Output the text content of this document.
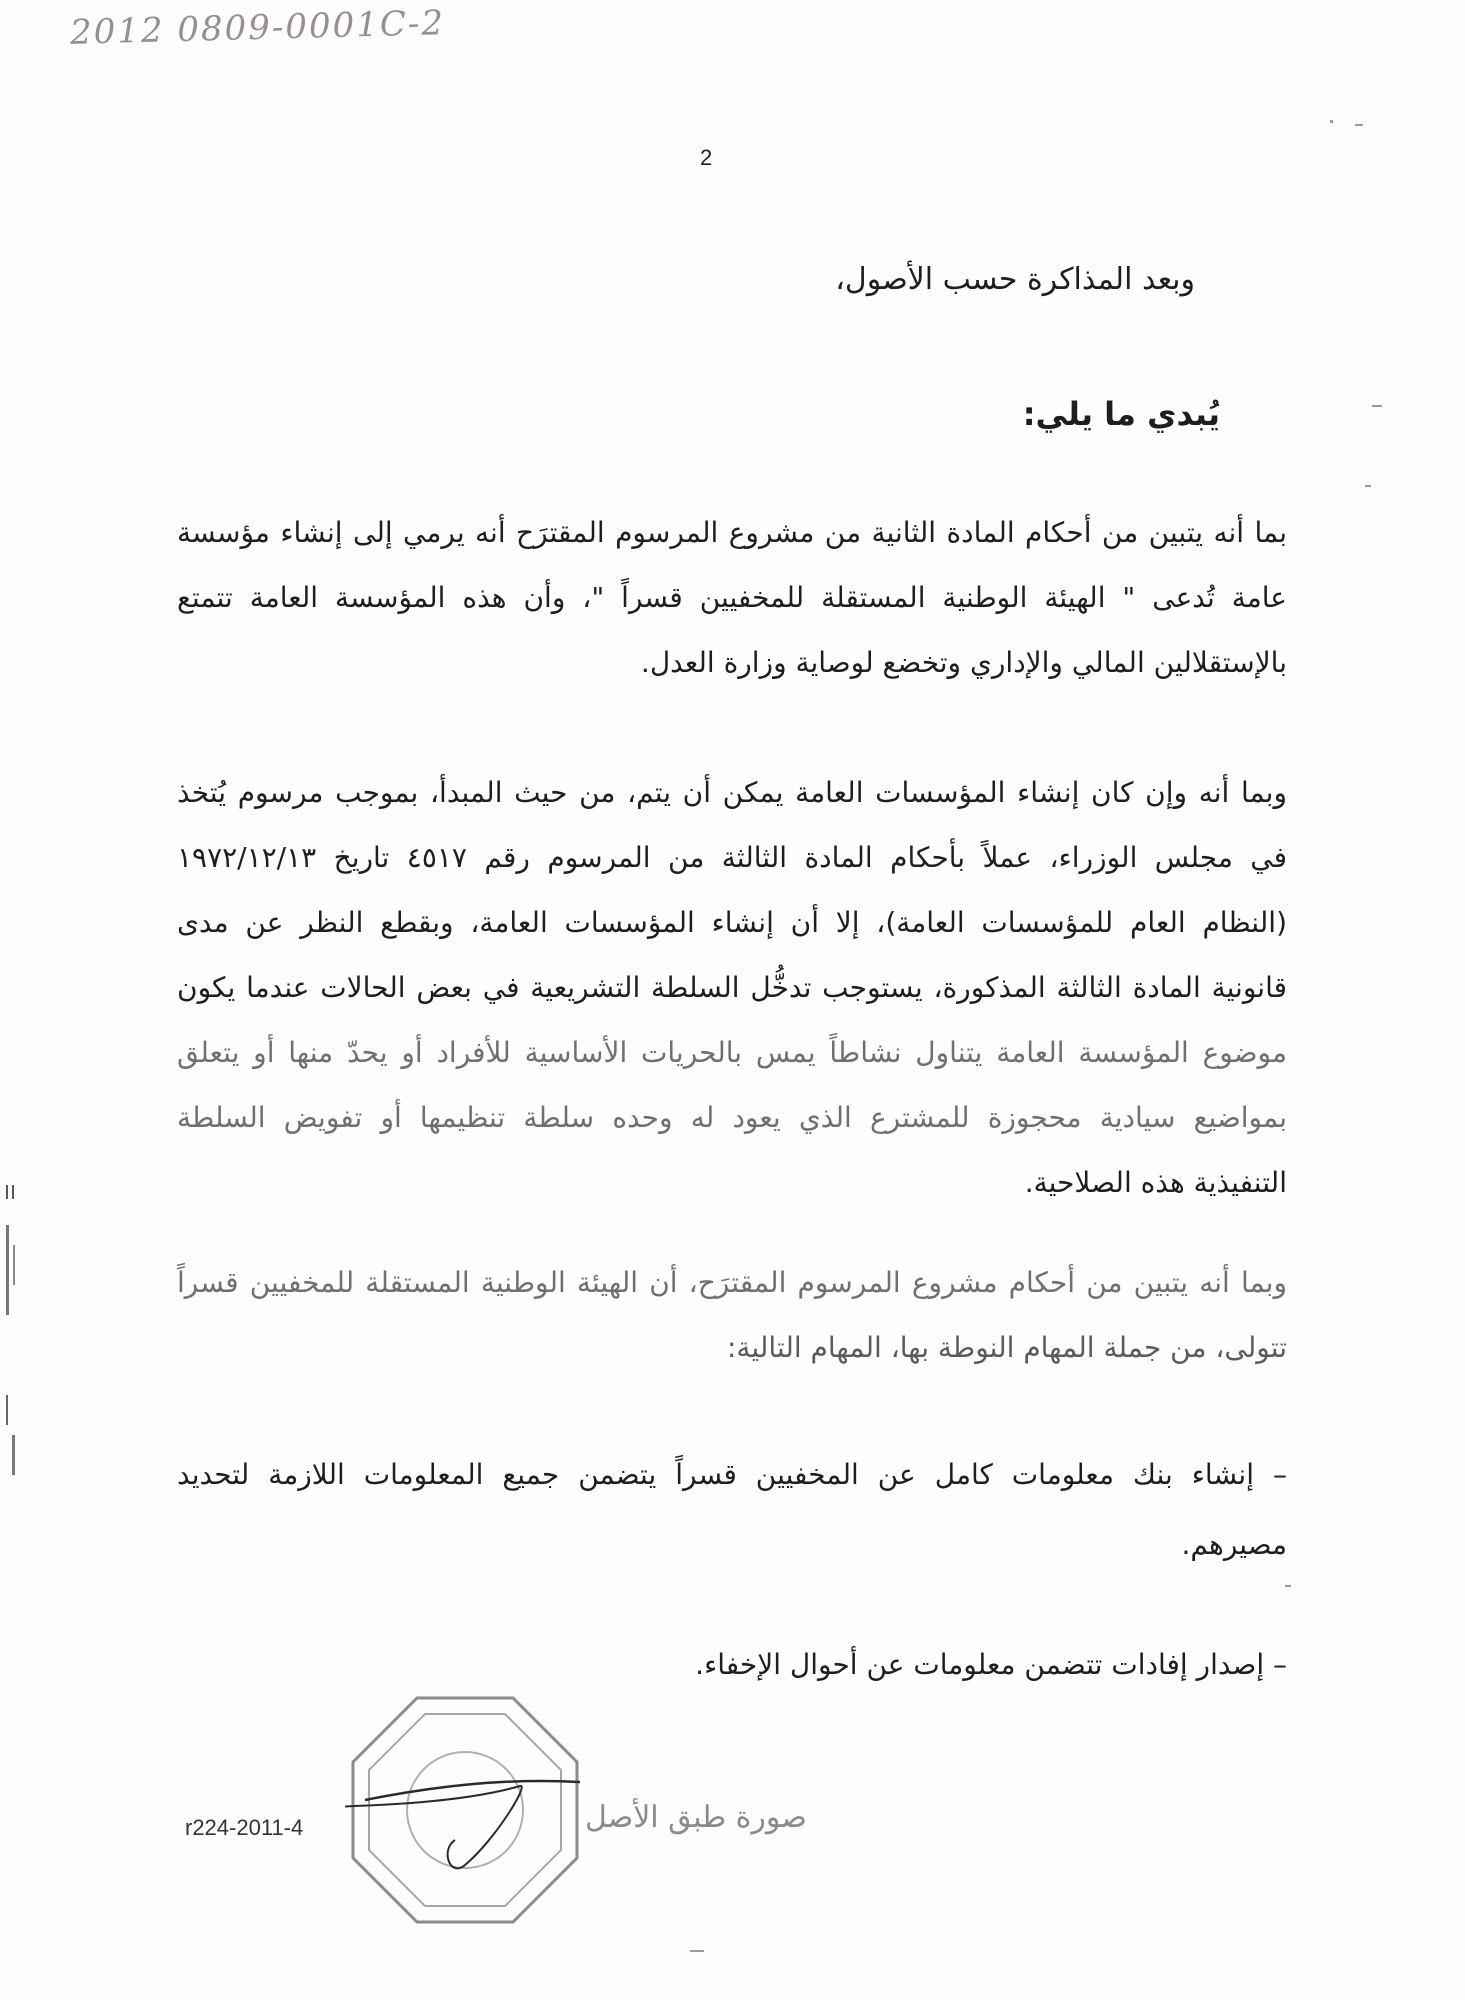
2012 0809-0001C-2
2
وبعد المذاكرة حسب الأصول،
يُبدي ما يلي:
بما أنه يتبين من أحكام المادة الثانية من مشروع المرسوم المقترَح أنه يرمي إلى إنشاء مؤسسة
عامة تُدعى " الهيئة الوطنية المستقلة للمخفيين قسراً "، وأن هذه المؤسسة العامة تتمتع
بالإستقلالين المالي والإداري وتخضع لوصاية وزارة العدل.
وبما أنه وإن كان إنشاء المؤسسات العامة يمكن أن يتم، من حيث المبدأ، بموجب مرسوم يُتخذ
في مجلس الوزراء، عملاً بأحكام المادة الثالثة من المرسوم رقم ٤٥١٧ تاريخ ١٩٧٢/١٢/١٣
(النظام العام للمؤسسات العامة)، إلا أن إنشاء المؤسسات العامة، وبقطع النظر عن مدى
قانونية المادة الثالثة المذكورة، يستوجب تدخُّل السلطة التشريعية في بعض الحالات عندما يكون
موضوع المؤسسة العامة يتناول نشاطاً يمس بالحريات الأساسية للأفراد أو يحدّ منها أو يتعلق
بمواضيع سيادية محجوزة للمشترع الذي يعود له وحده سلطة تنظيمها أو تفويض السلطة
التنفيذية هذه الصلاحية.
وبما أنه يتبين من أحكام مشروع المرسوم المقترَح، أن الهيئة الوطنية المستقلة للمخفيين قسراً
تتولى، من جملة المهام النوطة بها، المهام التالية:
– إنشاء بنك معلومات كامل عن المخفيين قسراً يتضمن جميع المعلومات اللازمة لتحديد
مصيرهم.
– إصدار إفادات تتضمن معلومات عن أحوال الإخفاء.
r224-2011-4	صورة طبق الأصل
